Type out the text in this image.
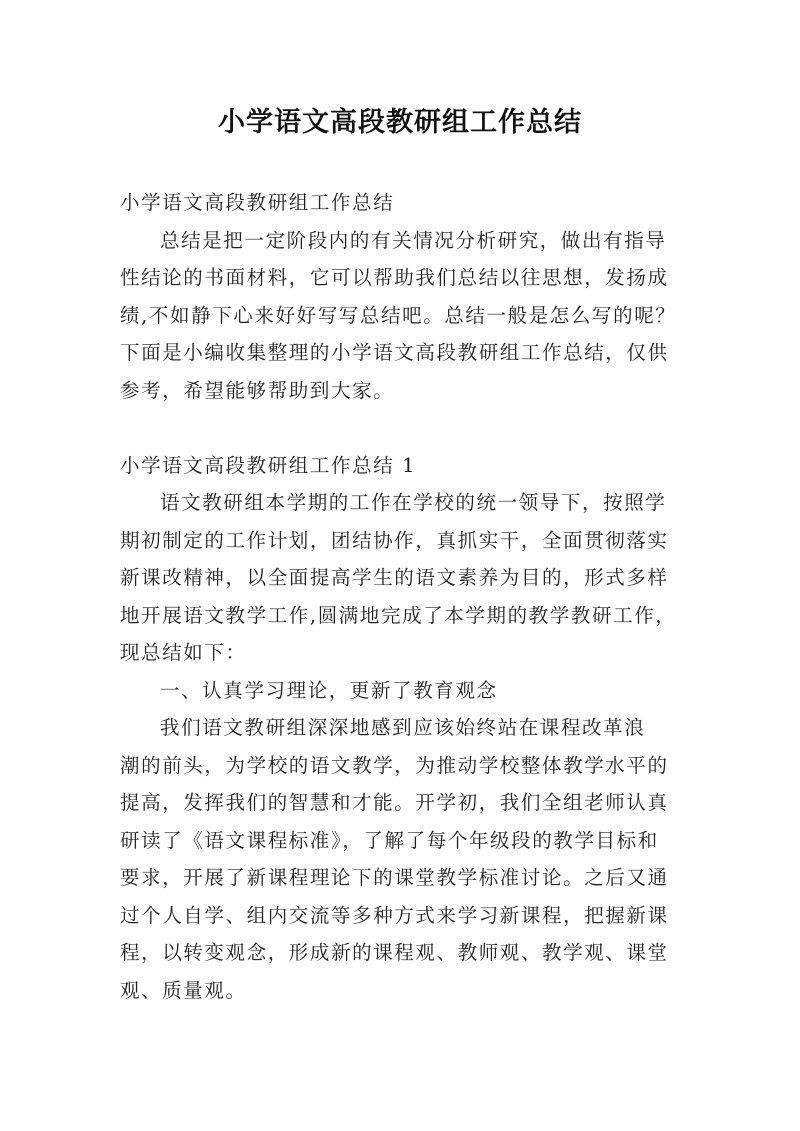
小学语文高段教研组工作总结
小学语文高段教研组工作总结
总结是把一定阶段内的有关情况分析研究，做出有指导
性结论的书面材料，它可以帮助我们总结以往思想，发扬成
绩,不如静下心来好好写写总结吧。总结一般是怎么写的呢？
下面是小编收集整理的小学语文高段教研组工作总结，仅供
参考，希望能够帮助到大家。
小学语文高段教研组工作总结 1
语文教研组本学期的工作在学校的统一领导下，按照学
期初制定的工作计划，团结协作，真抓实干，全面贯彻落实
新课改精神，以全面提高学生的语文素养为目的，形式多样
地开展语文教学工作,圆满地完成了本学期的教学教研工作，
现总结如下：
一、认真学习理论，更新了教育观念
我们语文教研组深深地感到应该始终站在课程改革浪
潮的前头，为学校的语文教学，为推动学校整体教学水平的
提高，发挥我们的智慧和才能。开学初，我们全组老师认真
研读了《语文课程标准》，了解了每个年级段的教学目标和
要求，开展了新课程理论下的课堂教学标准讨论。之后又通
过个人自学、组内交流等多种方式来学习新课程，把握新课
程，以转变观念，形成新的课程观、教师观、教学观、课堂
观、质量观。
